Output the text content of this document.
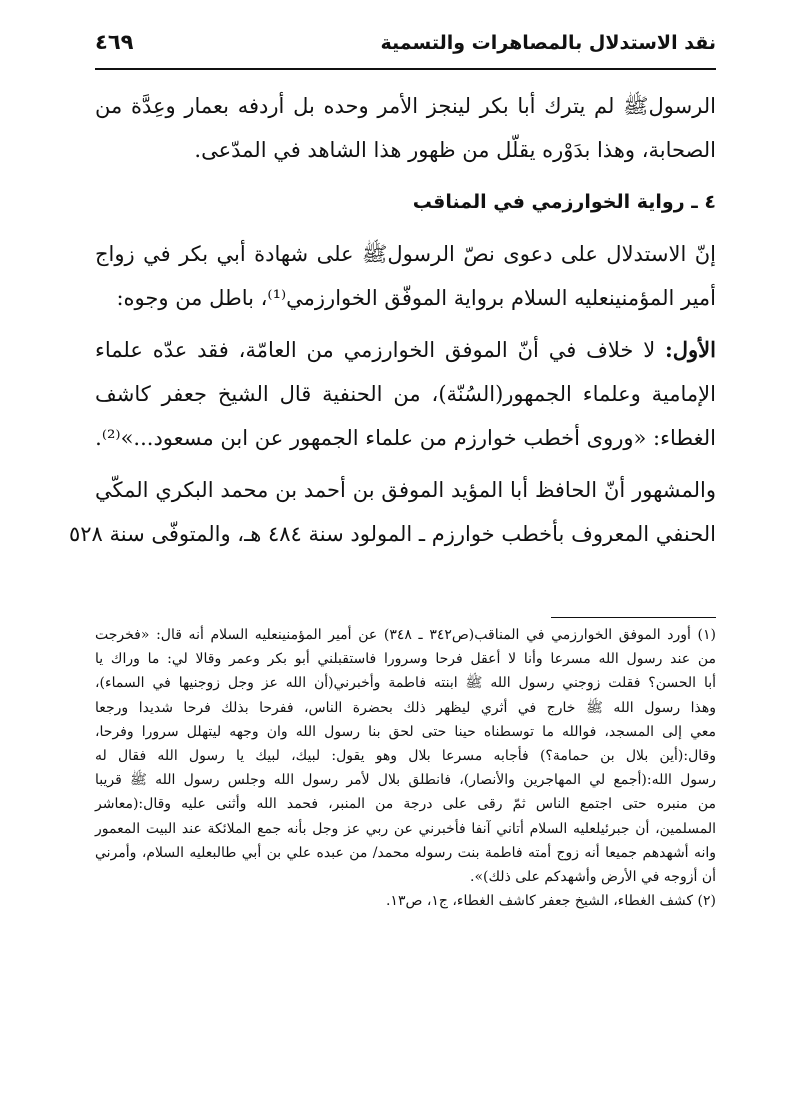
نقد الاستدلال بالمصاهرات والتسمية
٤٦٩
الرسولﷺ لم يترك أبا بكر لينجز الأمر وحده بل أردفه بعمار وعِدَّة من
الصحابة، وهذا بدَوْره يقلّل من ظهور هذا الشاهد في المدّعى.
٤ ـ رواية الخوارزمي في المناقب
إنّ الاستدلال على دعوى نصّ الرسولﷺ على شهادة أبي بكر في زواج
أمير المؤمنينعليه السلام برواية الموفّق الخوارزمي⁽¹⁾، باطل من وجوه:
الأول: لا خلاف في أنّ الموفق الخوارزمي من العامّة، فقد عدّه علماء
الإمامية وعلماء الجمهور(السُنّة)، من الحنفية قال الشيخ جعفر كاشف
الغطاء: «وروى أخطب خوارزم من علماء الجمهور عن ابن مسعود...»⁽²⁾.
والمشهور أنّ الحافظ أبا المؤيد الموفق بن أحمد بن محمد البكري المكّي
الحنفي المعروف بأخطب خوارزم ـ المولود سنة ٤٨٤ هـ، والمتوفّى سنة ٥٢٨
(١) أورد الموفق الخوارزمي في المناقب(ص٣٤٢ ـ ٣٤٨) عن أمير المؤمنينعليه السلام أنه قال: «فخرجت
من عند رسول الله مسرعا وأنا لا أعقل فرحا وسرورا فاستقبلني أبو بكر وعمر وقالا لي: ما وراك يا
أبا الحسن؟ فقلت زوجني رسول الله ﷺ ابنته فاطمة وأخبرني(أن الله عز وجل زوجنيها في السماء)،
وهذا رسول الله ﷺ خارج في أثري ليظهر ذلك بحضرة الناس، ففرحا بذلك فرحا شديدا ورجعا
معي إلى المسجد، فوالله ما توسطناه حينا حتى لحق بنا رسول الله وان وجهه ليتهلل سرورا وفرحا،
وقال:(أين بلال بن حمامة؟) فأجابه مسرعا بلال وهو يقول: لبيك، لبيك يا رسول الله فقال له
رسول الله:(أجمع لي المهاجرين والأنصار)، فانطلق بلال لأمر رسول الله وجلس رسول الله ﷺ قريبا
من منبره حتى اجتمع الناس ثمّ رقى على درجة من المنبر، فحمد الله وأثنى عليه وقال:(معاشر
المسلمين، أن جبرئيلعليه السلام أتاني آنفا فأخبرني عن ربي عز وجل بأنه جمع الملائكة عند البيت المعمور
وانه أشهدهم جميعا أنه زوج أمته فاطمة بنت رسوله محمد/ من عبده علي بن أبي طالبعليه السلام، وأمرني
أن أزوجه في الأرض وأشهدكم على ذلك)».
(٢) كشف الغطاء، الشيخ جعفر كاشف الغطاء، ج١، ص١٣.
